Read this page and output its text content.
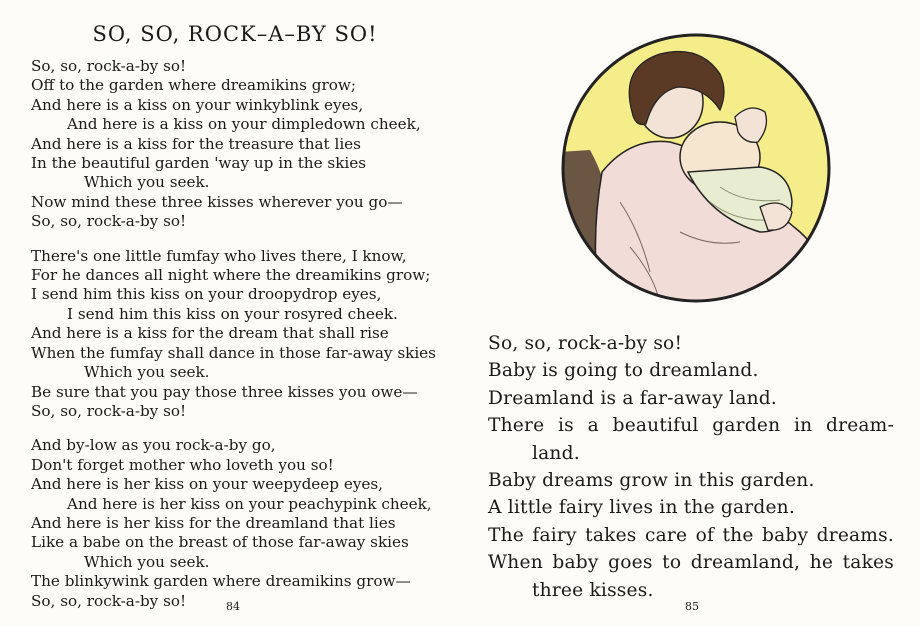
SO, SO, ROCK–A–BY SO!
So, so, rock-a-by so!
Off to the garden where dreamikins grow;
And here is a kiss on your winkyblink eyes,
And here is a kiss on your dimpledown cheek,
And here is a kiss for the treasure that lies
In the beautiful garden 'way up in the skies
Which you seek.
Now mind these three kisses wherever you go—
So, so, rock-a-by so!
There's one little fumfay who lives there, I know,
For he dances all night where the dreamikins grow;
I send him this kiss on your droopydrop eyes,
I send him this kiss on your rosyred cheek.
And here is a kiss for the dream that shall rise
When the fumfay shall dance in those far-away skies
Which you seek.
Be sure that you pay those three kisses you owe—
So, so, rock-a-by so!
And by-low as you rock-a-by go,
Don't forget mother who loveth you so!
And here is her kiss on your weepydeep eyes,
And here is her kiss on your peachypink cheek,
And here is her kiss for the dreamland that lies
Like a babe on the breast of those far-away skies
Which you seek.
The blinkywink garden where dreamikins grow—
So, so, rock-a-by so!	84
So, so, rock-a-by so!
Baby is going to dreamland.
Dreamland is a far-away land.
There is a beautiful garden in dream-
land.
Baby dreams grow in this garden.
A little fairy lives in the garden.
The fairy takes care of the baby dreams.
When baby goes to dreamland, he takes
three kisses.
85
